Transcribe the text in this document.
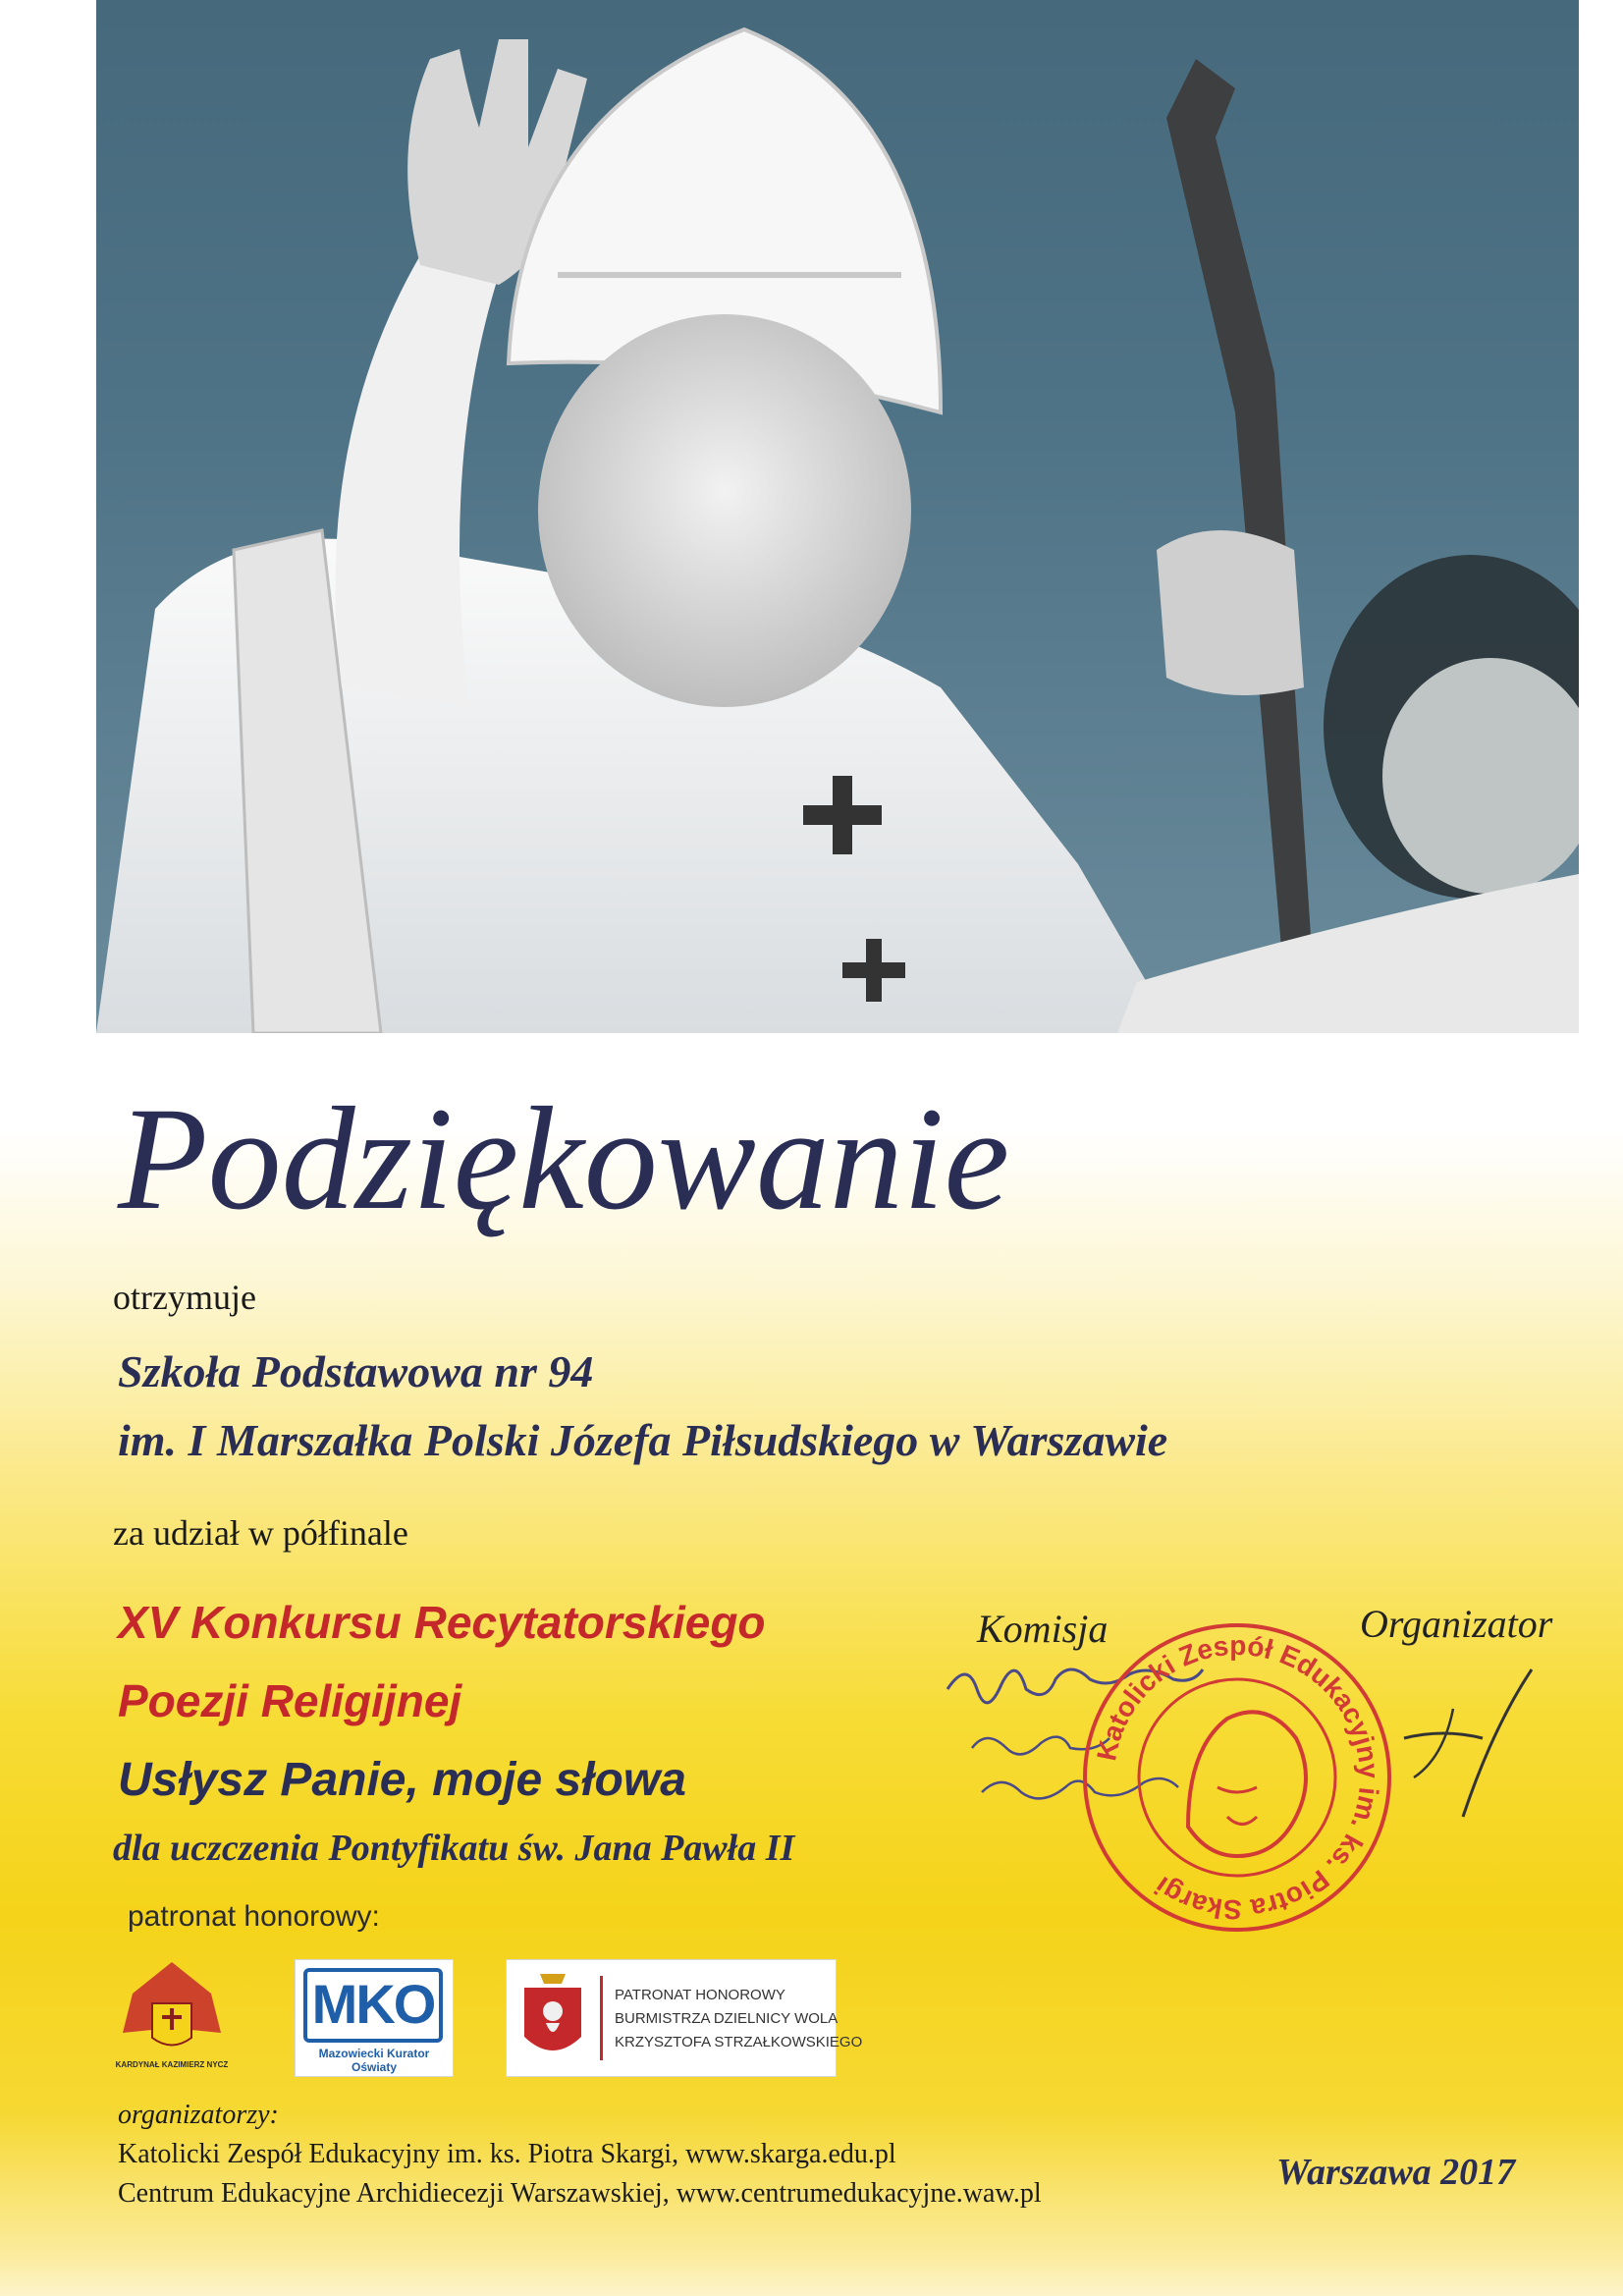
Podziękowanie
otrzymuje
Szkoła Podstawowa nr 94
im. I Marszałka Polski Józefa Piłsudskiego w Warszawie
za udział w półfinale
XV Konkursu Recytatorskiego
Poezji Religijnej
Usłysz Panie, moje słowa
dla uczczenia Pontyfikatu św. Jana Pawła II
Komisja	Organizator
Katolicki Zespół Edukacyjny im. ks. Piotra Skargi
patronat honorowy:
KARDYNAŁ KAZIMIERZ NYCZ
MKO
Mazowiecki Kurator Oświaty
PATRONAT HONOROWY
BURMISTRZA DZIELNICY WOLA
KRZYSZTOFA STRZAŁKOWSKIEGO
organizatorzy:
Katolicki Zespół Edukacyjny im. ks. Piotra Skargi, www.skarga.edu.pl
Centrum Edukacyjne Archidiecezji Warszawskiej, www.centrumedukacyjne.waw.pl
Warszawa 2017
